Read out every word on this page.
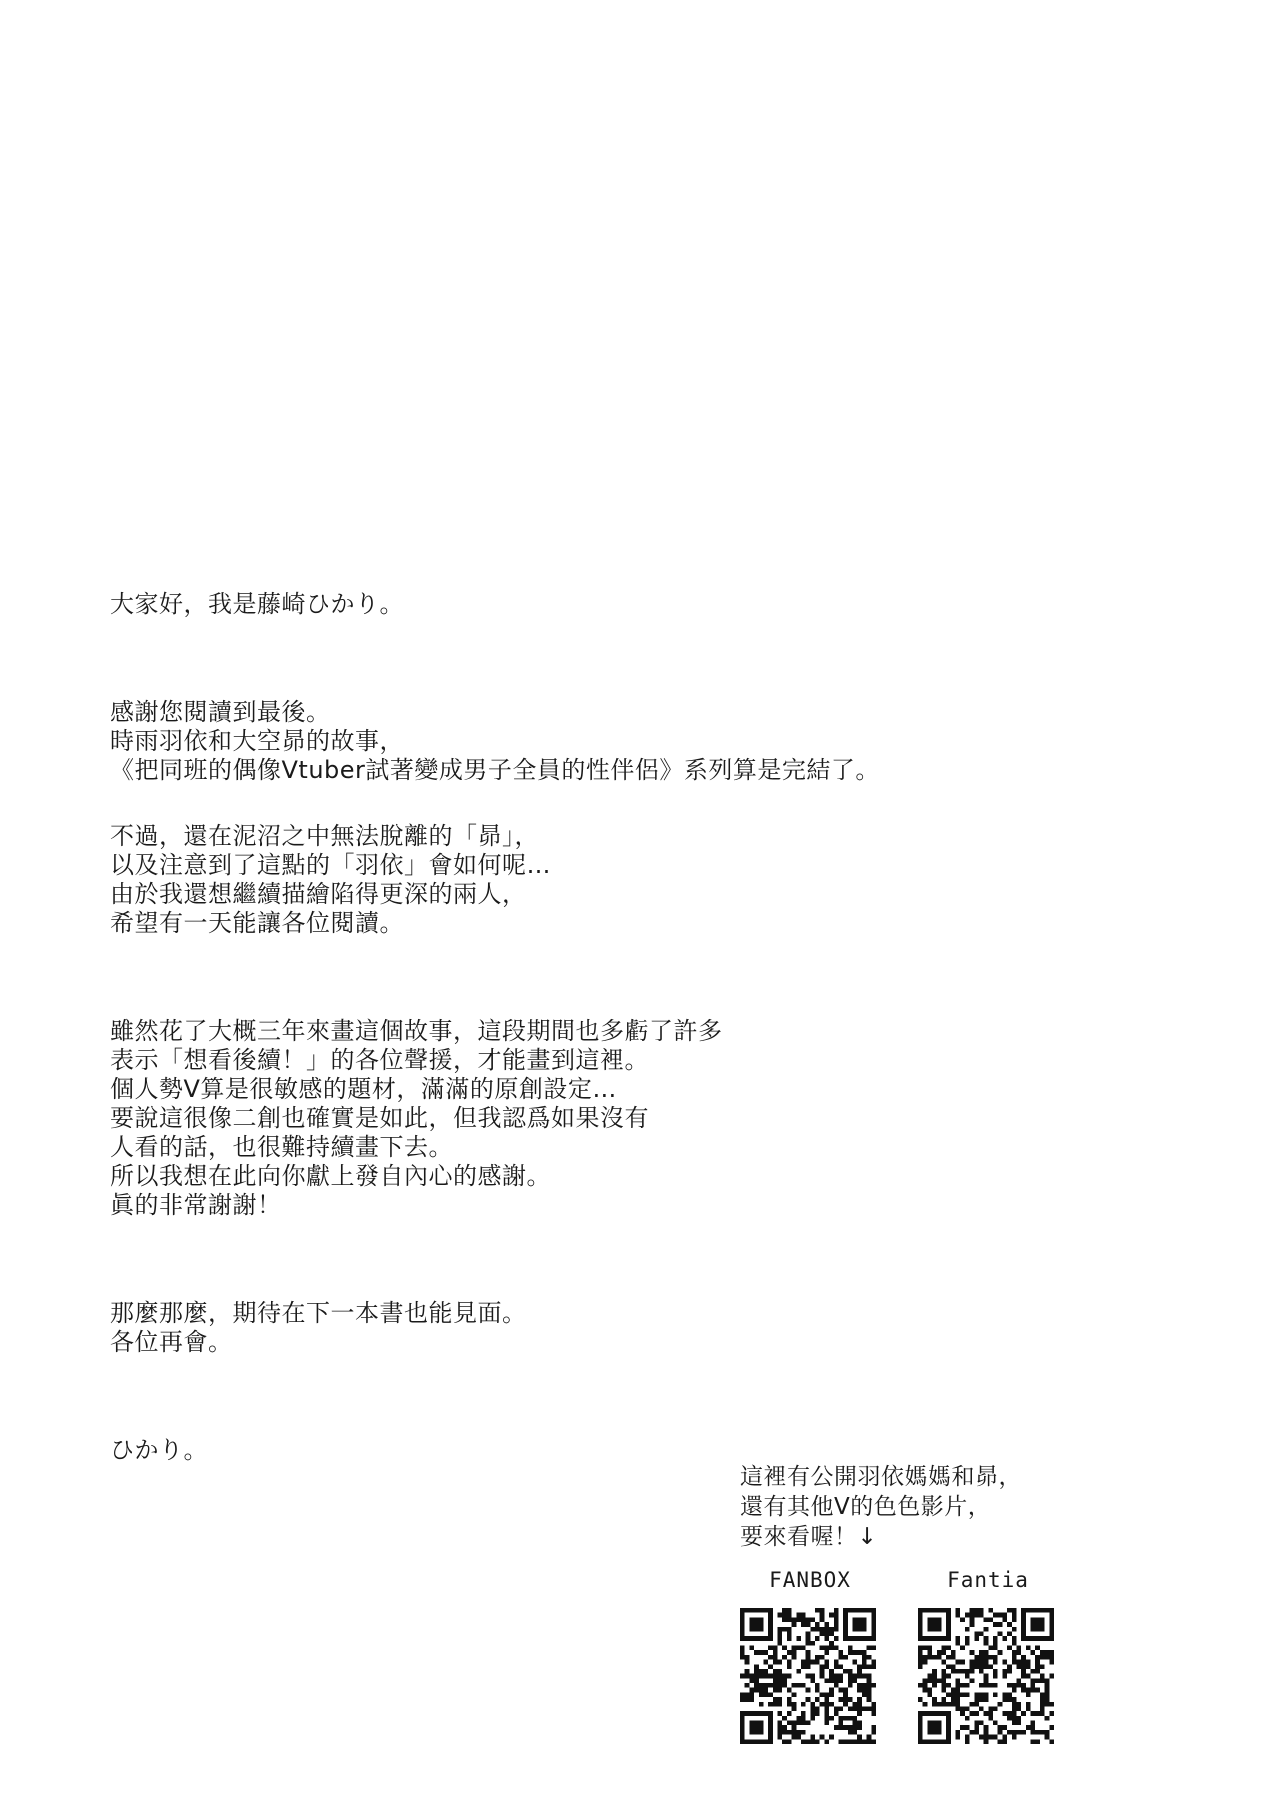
大家好，我是藤崎ひかり。
感謝您閱讀到最後。
時雨羽依和大空昴的故事，
《把同班的偶像Vtuber試著變成男子全員的性伴侶》系列算是完結了。
不過，還在泥沼之中無法脫離的「昴」，
以及注意到了這點的「羽依」會如何呢…
由於我還想繼續描繪陷得更深的兩人，
希望有一天能讓各位閱讀。
雖然花了大概三年來畫這個故事，這段期間也多虧了許多
表示「想看後續！」的各位聲援，才能畫到這裡。
個人勢V算是很敏感的題材，滿滿的原創設定…
要說這很像二創也確實是如此，但我認爲如果沒有
人看的話，也很難持續畫下去。
所以我想在此向你獻上發自內心的感謝。
眞的非常謝謝！
那麼那麼，期待在下一本書也能見面。
各位再會。
ひかり。
這裡有公開羽依媽媽和昴，
還有其他V的色色影片，
要來看喔！↓
FANBOX	Fantia
